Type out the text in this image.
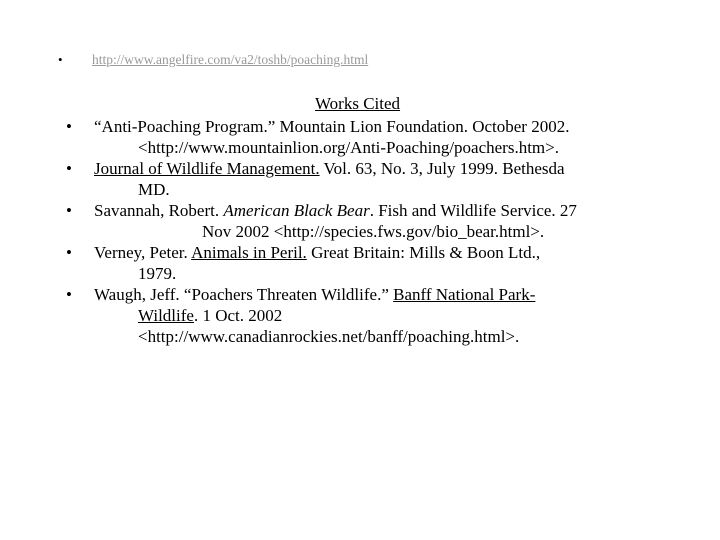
• http://www.angelfire.com/va2/toshb/poaching.html
Works Cited
• “Anti-Poaching Program.” Mountain Lion Foundation. October 2002.
<http://www.mountainlion.org/Anti-Poaching/poachers.htm>.
• Journal of Wildlife Management. Vol. 63, No. 3, July 1999. Bethesda
MD.
• Savannah, Robert. American Black Bear. Fish and Wildlife Service. 27
Nov 2002 <http://species.fws.gov/bio_bear.html>.
• Verney, Peter. Animals in Peril. Great Britain: Mills & Boon Ltd.,
1979.
• Waugh, Jeff. “Poachers Threaten Wildlife.” Banff National Park-
Wildlife. 1 Oct. 2002
<http://www.canadianrockies.net/banff/poaching.html>.
